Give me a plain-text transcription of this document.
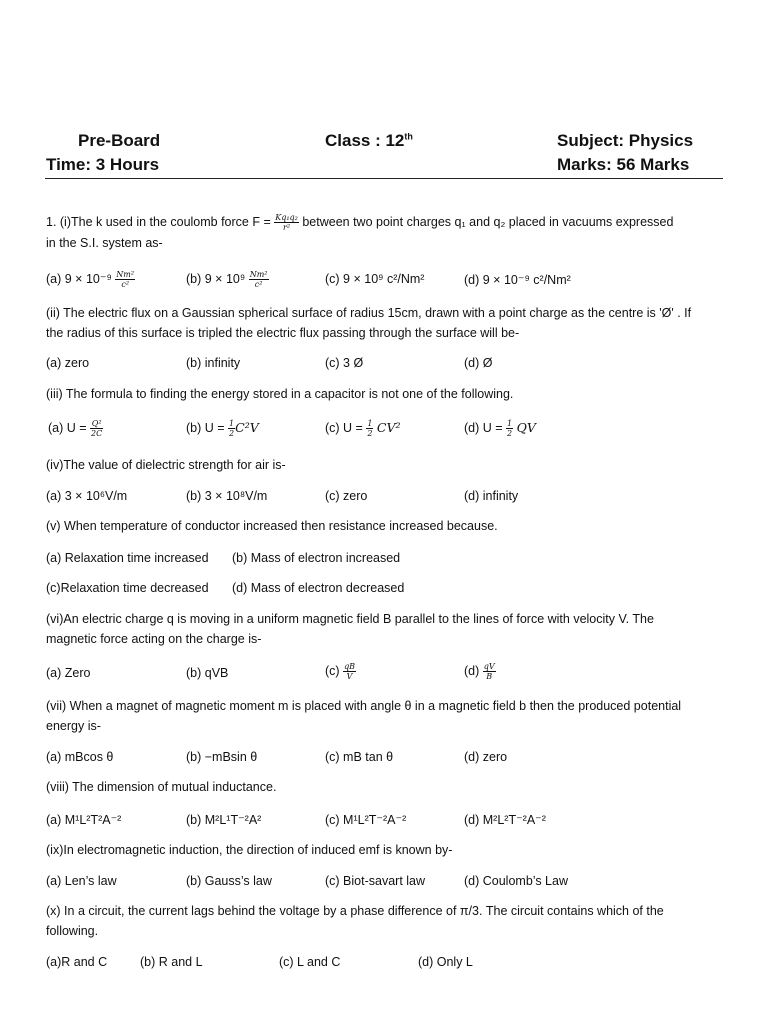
Pre-Board	Class : 12th	Subject: Physics
Time: 3 Hours	Marks: 56 Marks
1. (i)The k used in the coulomb force $F = \frac{\text{Kq₁q₂}}{\text{r²}}$ between two point charges q₁ and q₂ placed in vacuums expressed
in the S.I. system as-
(a) $9 \times 10^{-9} \frac{\text{Nm²}}{\text{c²}}$	(b) $9 \times 10^9 \frac{\text{Nm²}}{\text{c²}}$	(c) 9 × 10⁹ c²/Nm²	(d) 9 × 10⁻⁹ c²/Nm²
(ii) The electric flux on a Gaussian spherical surface of radius 15cm, drawn with a point charge as the centre is 'Ø' . If
the radius of this surface is tripled the electric flux passing through the surface will be-
(a) zero	(b) infinity	(c) 3 Ø	(d) Ø
(iii) The formula to finding the energy stored in a capacitor is not one of the following.
(a) $U = \frac{\text{Q²}}{2C}$	(b) $U = \frac{1}{2} C^2V$	(c) $U = \frac{1}{2} CV^2$	(d) $U = \frac{1}{2}$ QV
(iv)The value of dielectric strength for air is-
(a) 3 × 10⁶V/m	(b) 3 × 10⁸V/m	(c) zero	(d) infinity
(v) When temperature of conductor increased then resistance increased because.
(a) Relaxation time increased (b) Mass of electron increased
(c)Relaxation time decreased (d) Mass of electron decreased
(vi)An electric charge q is moving in a uniform magnetic field B parallel to the lines of force with velocity V. The
magnetic force acting on the charge is-
(a) Zero	(b) qVB	$(c) \frac{qB}{V}$	$(d) \frac{qV}{B}$
(vii) When a magnet of magnetic moment m is placed with angle θ in a magnetic field b then the produced potential
energy is-
(a) mBcos θ	(b) −mBsin θ	(c) mB tan θ	(d) zero
(viii) The dimension of mutual inductance.
(a) M¹L²T²A⁻²	(b) M²L¹T⁻²A²	(c) M¹L²T⁻²A⁻²	(d) M²L²T⁻²A⁻²
(ix)In electromagnetic induction, the direction of induced emf is known by-
(a) Len’s law	(b) Gauss’s law	(c) Biot-savart law	(d) Coulomb’s Law
(x) In a circuit, the current lags behind the voltage by a phase difference of π/3. The circuit contains which of the
following.
(a)R and C	(b) R and L	(c) L and C	(d) Only L
